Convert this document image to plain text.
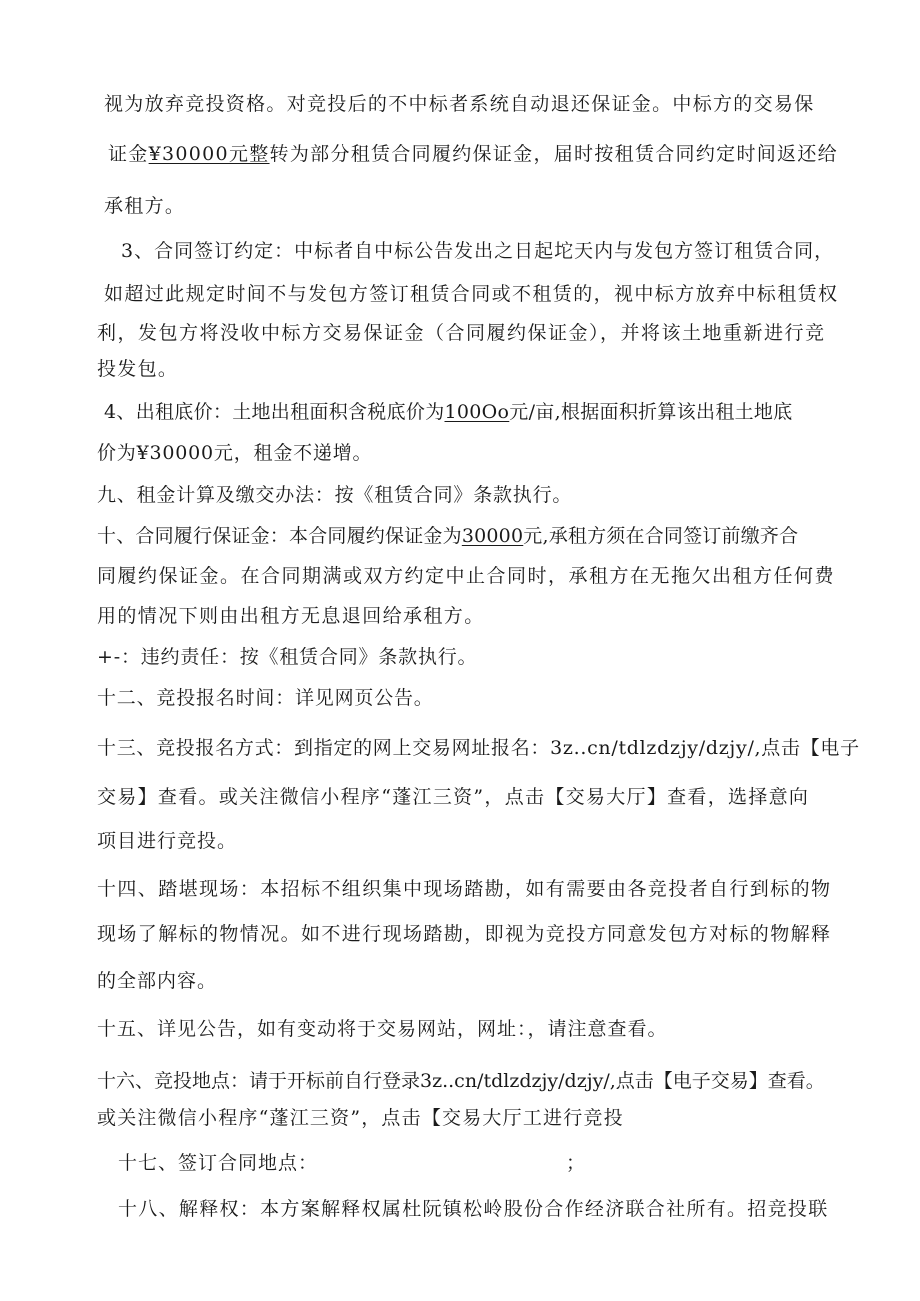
视为放弃竞投资格。对竞投后的不中标者系统自动退还保证金。中标方的交易保
证金¥30000元整转为部分租赁合同履约保证金，届时按租赁合同约定时间返还给
承租方。
3、合同签订约定：中标者自中标公告发出之日起坨天内与发包方签订租赁合同，
如超过此规定时间不与发包方签订租赁合同或不租赁的，视中标方放弃中标租赁权
利，发包方将没收中标方交易保证金（合同履约保证金），并将该土地重新进行竞
投发包。
4、出租底价：土地出租面积含税底价为100Oo元/亩,根据面积折算该出租土地底
价为¥30000元，租金不递增。
九、租金计算及缴交办法：按《租赁合同》条款执行。
十、合同履行保证金：本合同履约保证金为30000元,承租方须在合同签订前缴齐合
同履约保证金。在合同期满或双方约定中止合同时，承租方在无拖欠出租方任何费
用的情况下则由出租方无息退回给承租方。
+-：违约责任：按《租赁合同》条款执行。
十二、竞投报名时间：详见网页公告。
十三、竞投报名方式：到指定的网上交易网址报名：3z..cn/tdlzdzjy/dzjy/,点击【电子
交易】查看。或关注微信小程序“蓬江三资”，点击【交易大厅】查看，选择意向
项目进行竞投。
十四、踏堪现场：本招标不组织集中现场踏勘，如有需要由各竞投者自行到标的物
现场了解标的物情况。如不进行现场踏勘，即视为竞投方同意发包方对标的物解释
的全部内容。
十五、详见公告，如有变动将于交易网站，网址：，请注意查看。
十六、竞投地点：请于开标前自行登录3z..cn/tdlzdzjy/dzjy/,点击【电子交易】查看。
或关注微信小程序“蓬江三资”，点击【交易大厅工进行竞投
十七、签订合同地点：	；
十八、解释权：本方案解释权属杜阮镇松岭股份合作经济联合社所有。招竞投联
